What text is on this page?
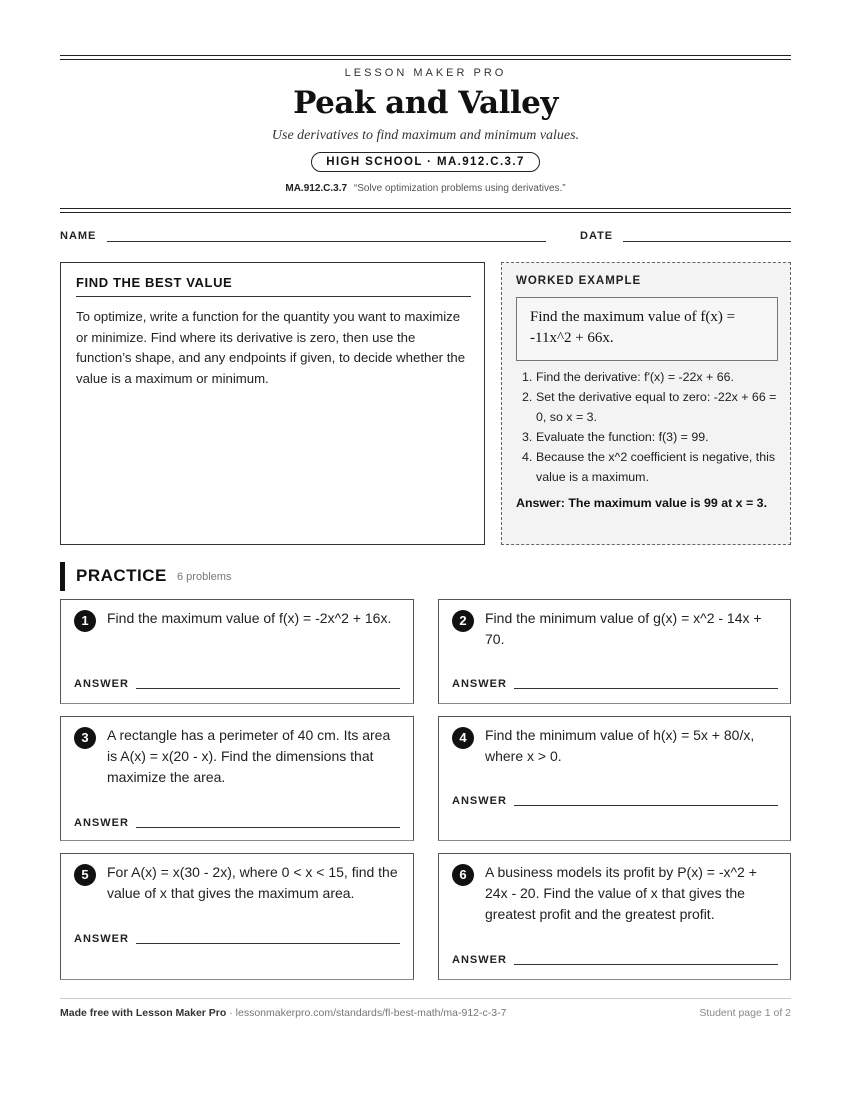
LESSON MAKER PRO
Peak and Valley
Use derivatives to find maximum and minimum values.
HIGH SCHOOL · MA.912.C.3.7
MA.912.C.3.7 “Solve optimization problems using derivatives.”
NAME	DATE
FIND THE BEST VALUE
To optimize, write a function for the quantity you want to maximize or minimize. Find where its derivative is zero, then use the function’s shape, and any endpoints if given, to decide whether the value is a maximum or minimum.
WORKED EXAMPLE
Find the maximum value of f(x) = -11x^2 + 66x.
1. Find the derivative: f'(x) = -22x + 66.
2. Set the derivative equal to zero: -22x + 66 = 0, so x = 3.
3. Evaluate the function: f(3) = 99.
4. Because the x^2 coefficient is negative, this value is a maximum.
Answer: The maximum value is 99 at x = 3.
PRACTICE 6 problems
1	Find the maximum value of f(x) = -2x^2 + 16x.
ANSWER
2	Find the minimum value of g(x) = x^2 - 14x + 70.
ANSWER
3	A rectangle has a perimeter of 40 cm. Its area is A(x) = x(20 - x). Find the dimensions that maximize the area.
ANSWER
4	Find the minimum value of h(x) = 5x + 80/x, where x > 0.
ANSWER
5	For A(x) = x(30 - 2x), where 0 < x < 15, find the value of x that gives the maximum area.
ANSWER
6	A business models its profit by P(x) = -x^2 + 24x - 20. Find the value of x that gives the greatest profit and the greatest profit.
ANSWER
Made free with Lesson Maker Pro · lessonmakerpro.com/standards/fl-best-math/ma-912-c-3-7	Student page 1 of 2
